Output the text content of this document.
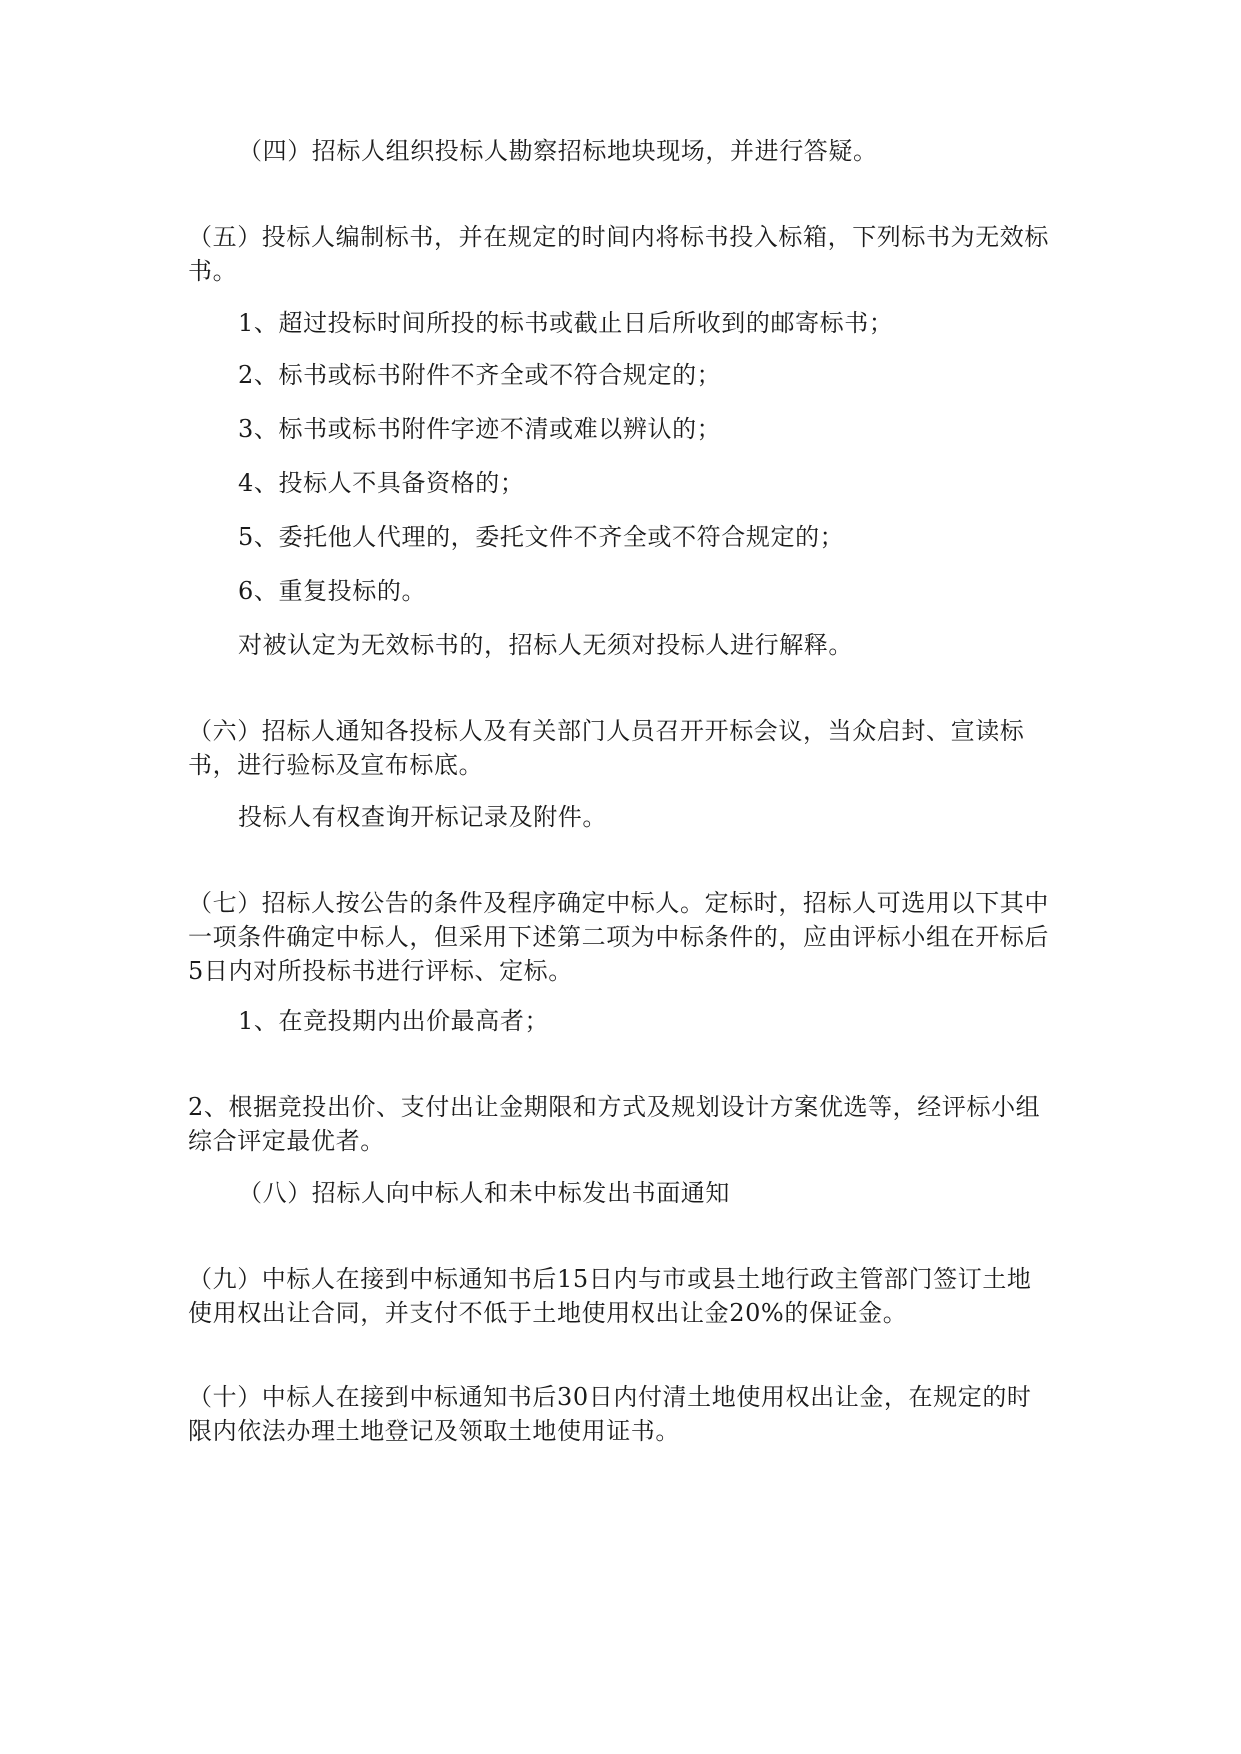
（四）招标人组织投标人勘察招标地块现场，并进行答疑。

（五）投标人编制标书，并在规定的时间内将标书投入标箱，下列标书为无效标书。

1、超过投标时间所投的标书或截止日后所收到的邮寄标书；

2、标书或标书附件不齐全或不符合规定的；

3、标书或标书附件字迹不清或难以辨认的；

4、投标人不具备资格的；

5、委托他人代理的，委托文件不齐全或不符合规定的；

6、重复投标的。

对被认定为无效标书的，招标人无须对投标人进行解释。

（六）招标人通知各投标人及有关部门人员召开开标会议，当众启封、宣读标书，进行验标及宣布标底。

投标人有权查询开标记录及附件。

（七）招标人按公告的条件及程序确定中标人。定标时，招标人可选用以下其中一项条件确定中标人，但采用下述第二项为中标条件的，应由评标小组在开标后5日内对所投标书进行评标、定标。

1、在竞投期内出价最高者；

2、根据竞投出价、支付出让金期限和方式及规划设计方案优选等，经评标小组综合评定最优者。

（八）招标人向中标人和未中标发出书面通知

（九）中标人在接到中标通知书后15日内与市或县土地行政主管部门签订土地使用权出让合同，并支付不低于土地使用权出让金20%的保证金。

（十）中标人在接到中标通知书后30日内付清土地使用权出让金，在规定的时限内依法办理土地登记及领取土地使用证书。
